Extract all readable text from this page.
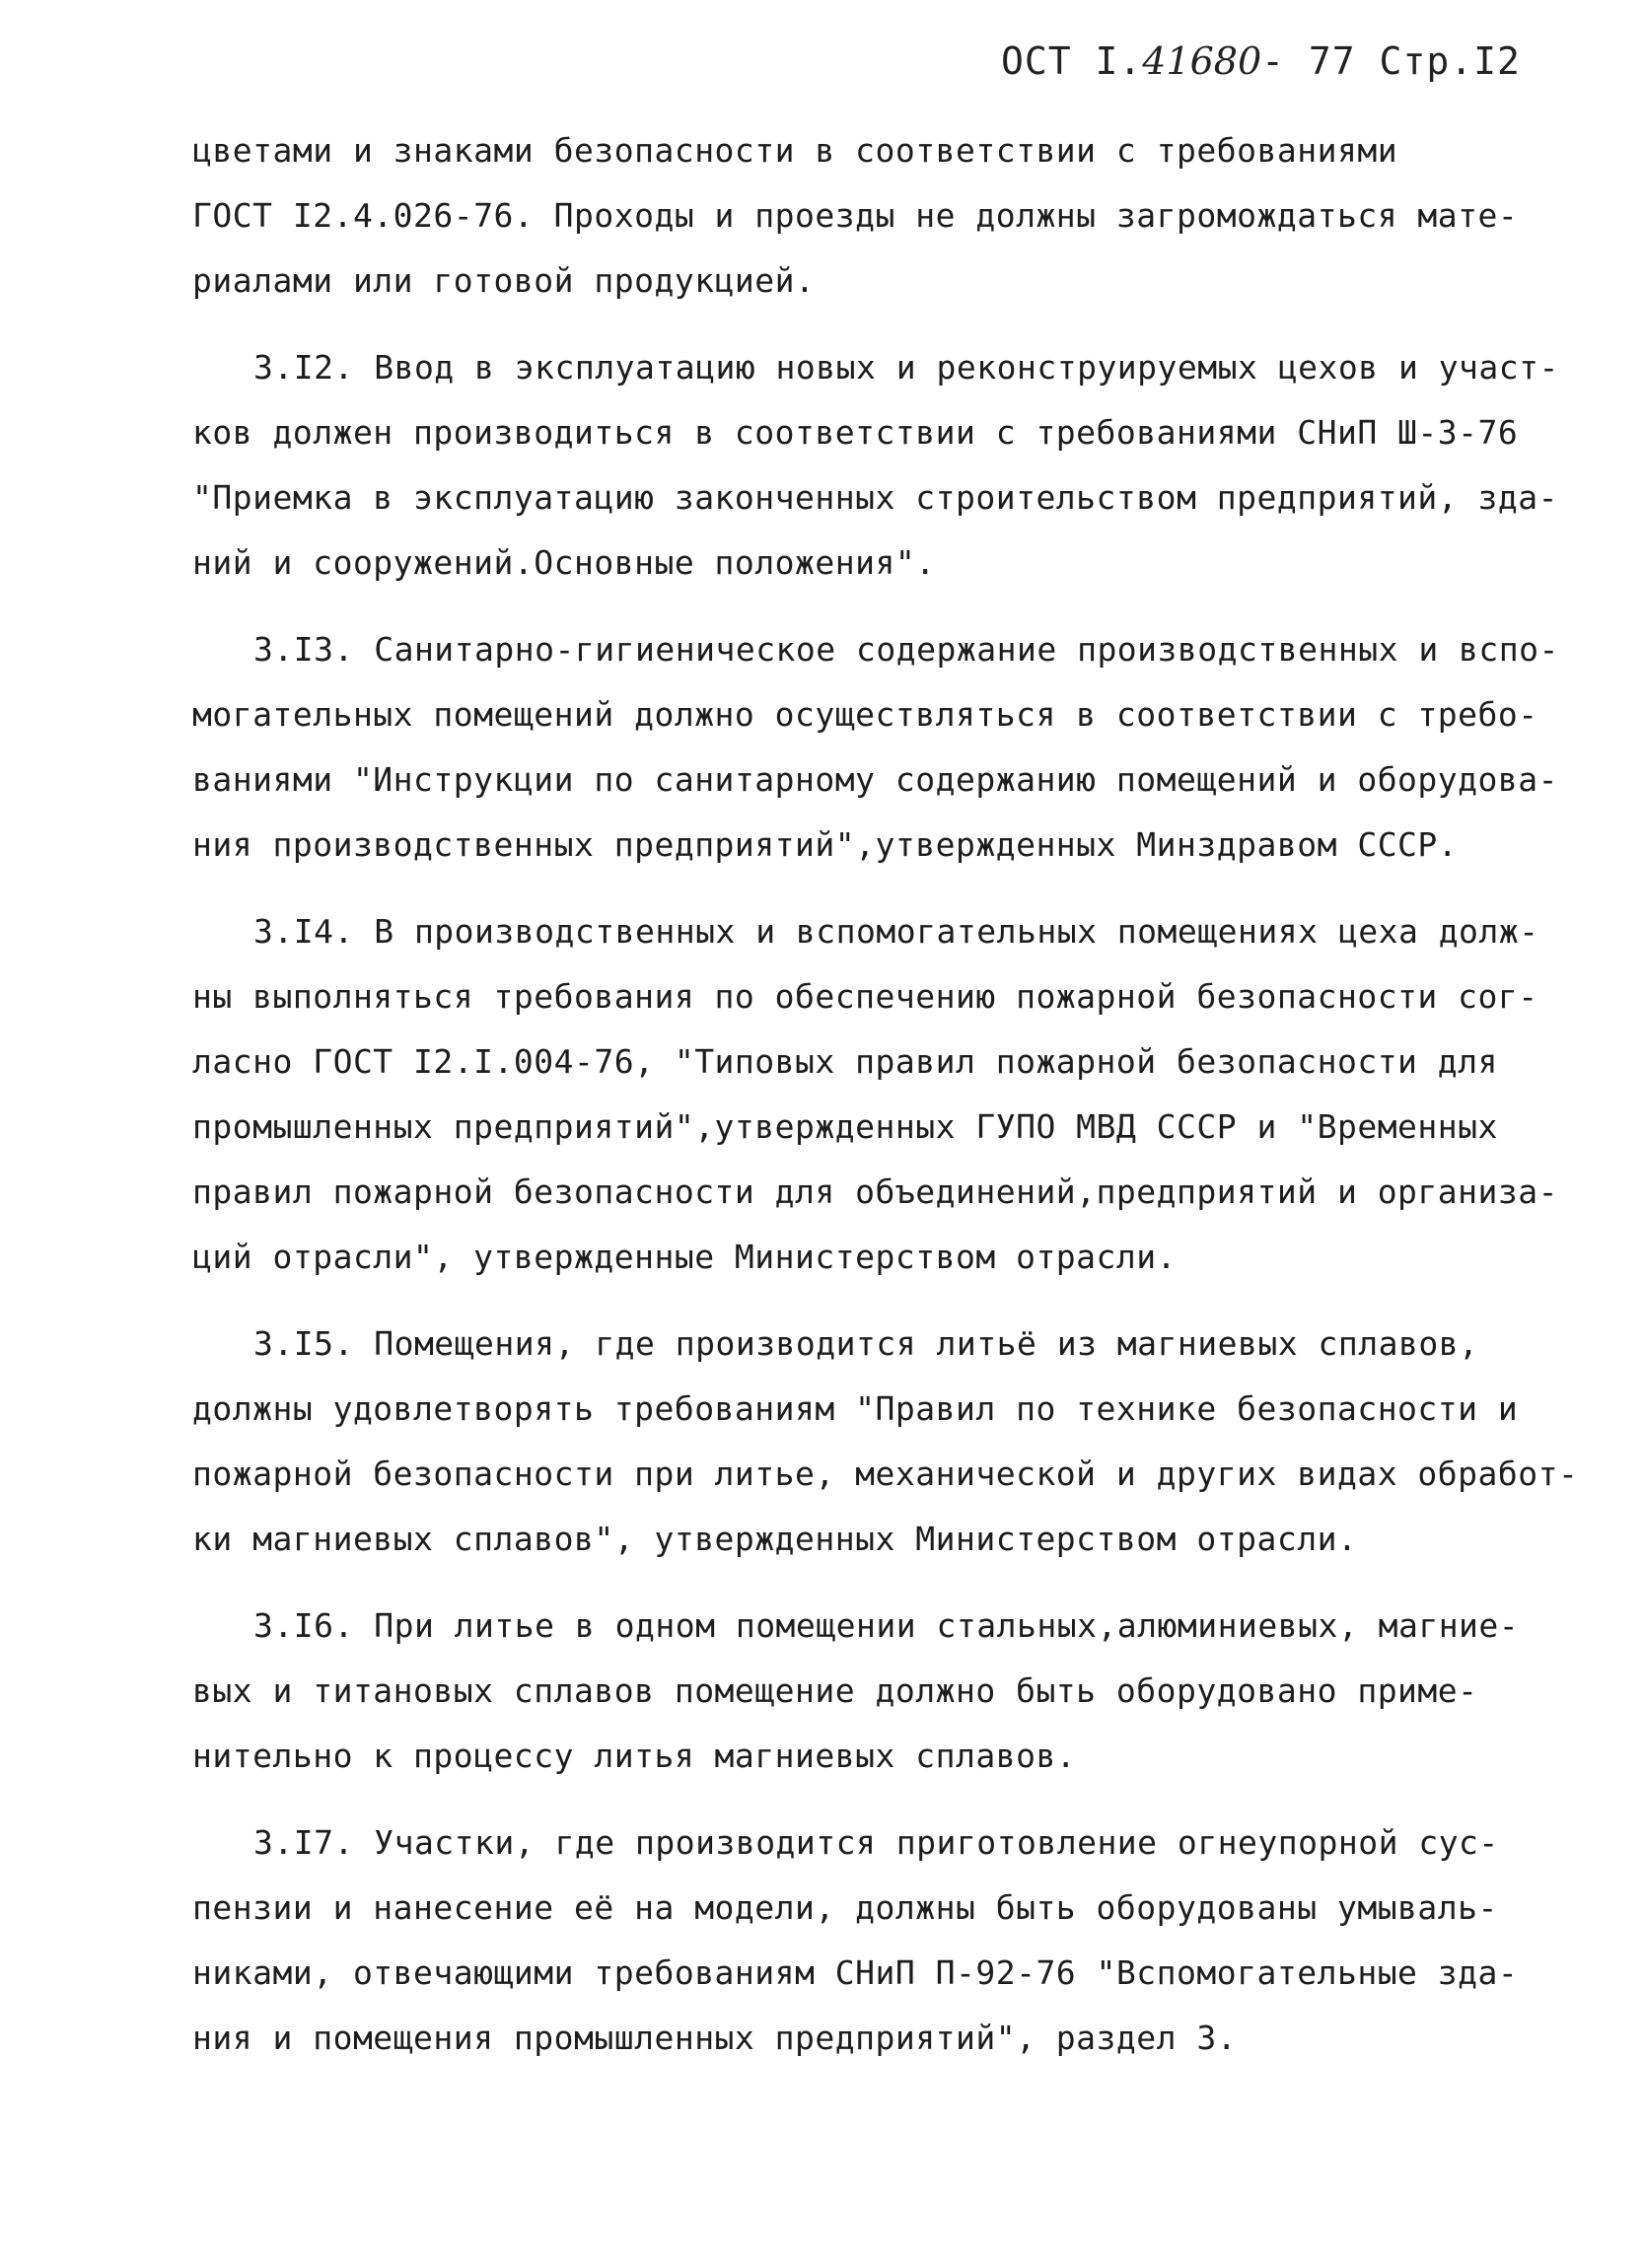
ОСТ I.41680- 77 Стр.I2
цветами и знаками безопасности в соответствии с требованиями
ГОСТ I2.4.026-76. Проходы и проезды не должны загромождаться мате-
риалами или готовой продукцией.
3.I2. Ввод в эксплуатацию новых и реконструируемых цехов и участ-
ков должен производиться в соответствии с требованиями СНиП Ш-3-76
"Приемка в эксплуатацию законченных строительством предприятий, зда-
ний и сооружений.Основные положения".
3.I3. Санитарно-гигиеническое содержание производственных и вспо-
могательных помещений должно осуществляться в соответствии с требо-
ваниями "Инструкции по санитарному содержанию помещений и оборудова-
ния производственных предприятий",утвержденных Минздравом СССР.
3.I4. В производственных и вспомогательных помещениях цеха долж-
ны выполняться требования по обеспечению пожарной безопасности сог-
ласно ГОСТ I2.I.004-76, "Типовых правил пожарной безопасности для
промышленных предприятий",утвержденных ГУПО МВД СССР и "Временных
правил пожарной безопасности для объединений,предприятий и организа-
ций отрасли", утвержденные Министерством отрасли.
3.I5. Помещения, где производится литьё из магниевых сплавов,
должны удовлетворять требованиям "Правил по технике безопасности и
пожарной безопасности при литье, механической и других видах обработ-
ки магниевых сплавов", утвержденных Министерством отрасли.
3.I6. При литье в одном помещении стальных,алюминиевых, магние-
вых и титановых сплавов помещение должно быть оборудовано приме-
нительно к процессу литья магниевых сплавов.
3.I7. Участки, где производится приготовление огнеупорной сус-
пензии и нанесение её на модели, должны быть оборудованы умываль-
никами, отвечающими требованиям СНиП П-92-76 "Вспомогательные зда-
ния и помещения промышленных предприятий", раздел 3.
